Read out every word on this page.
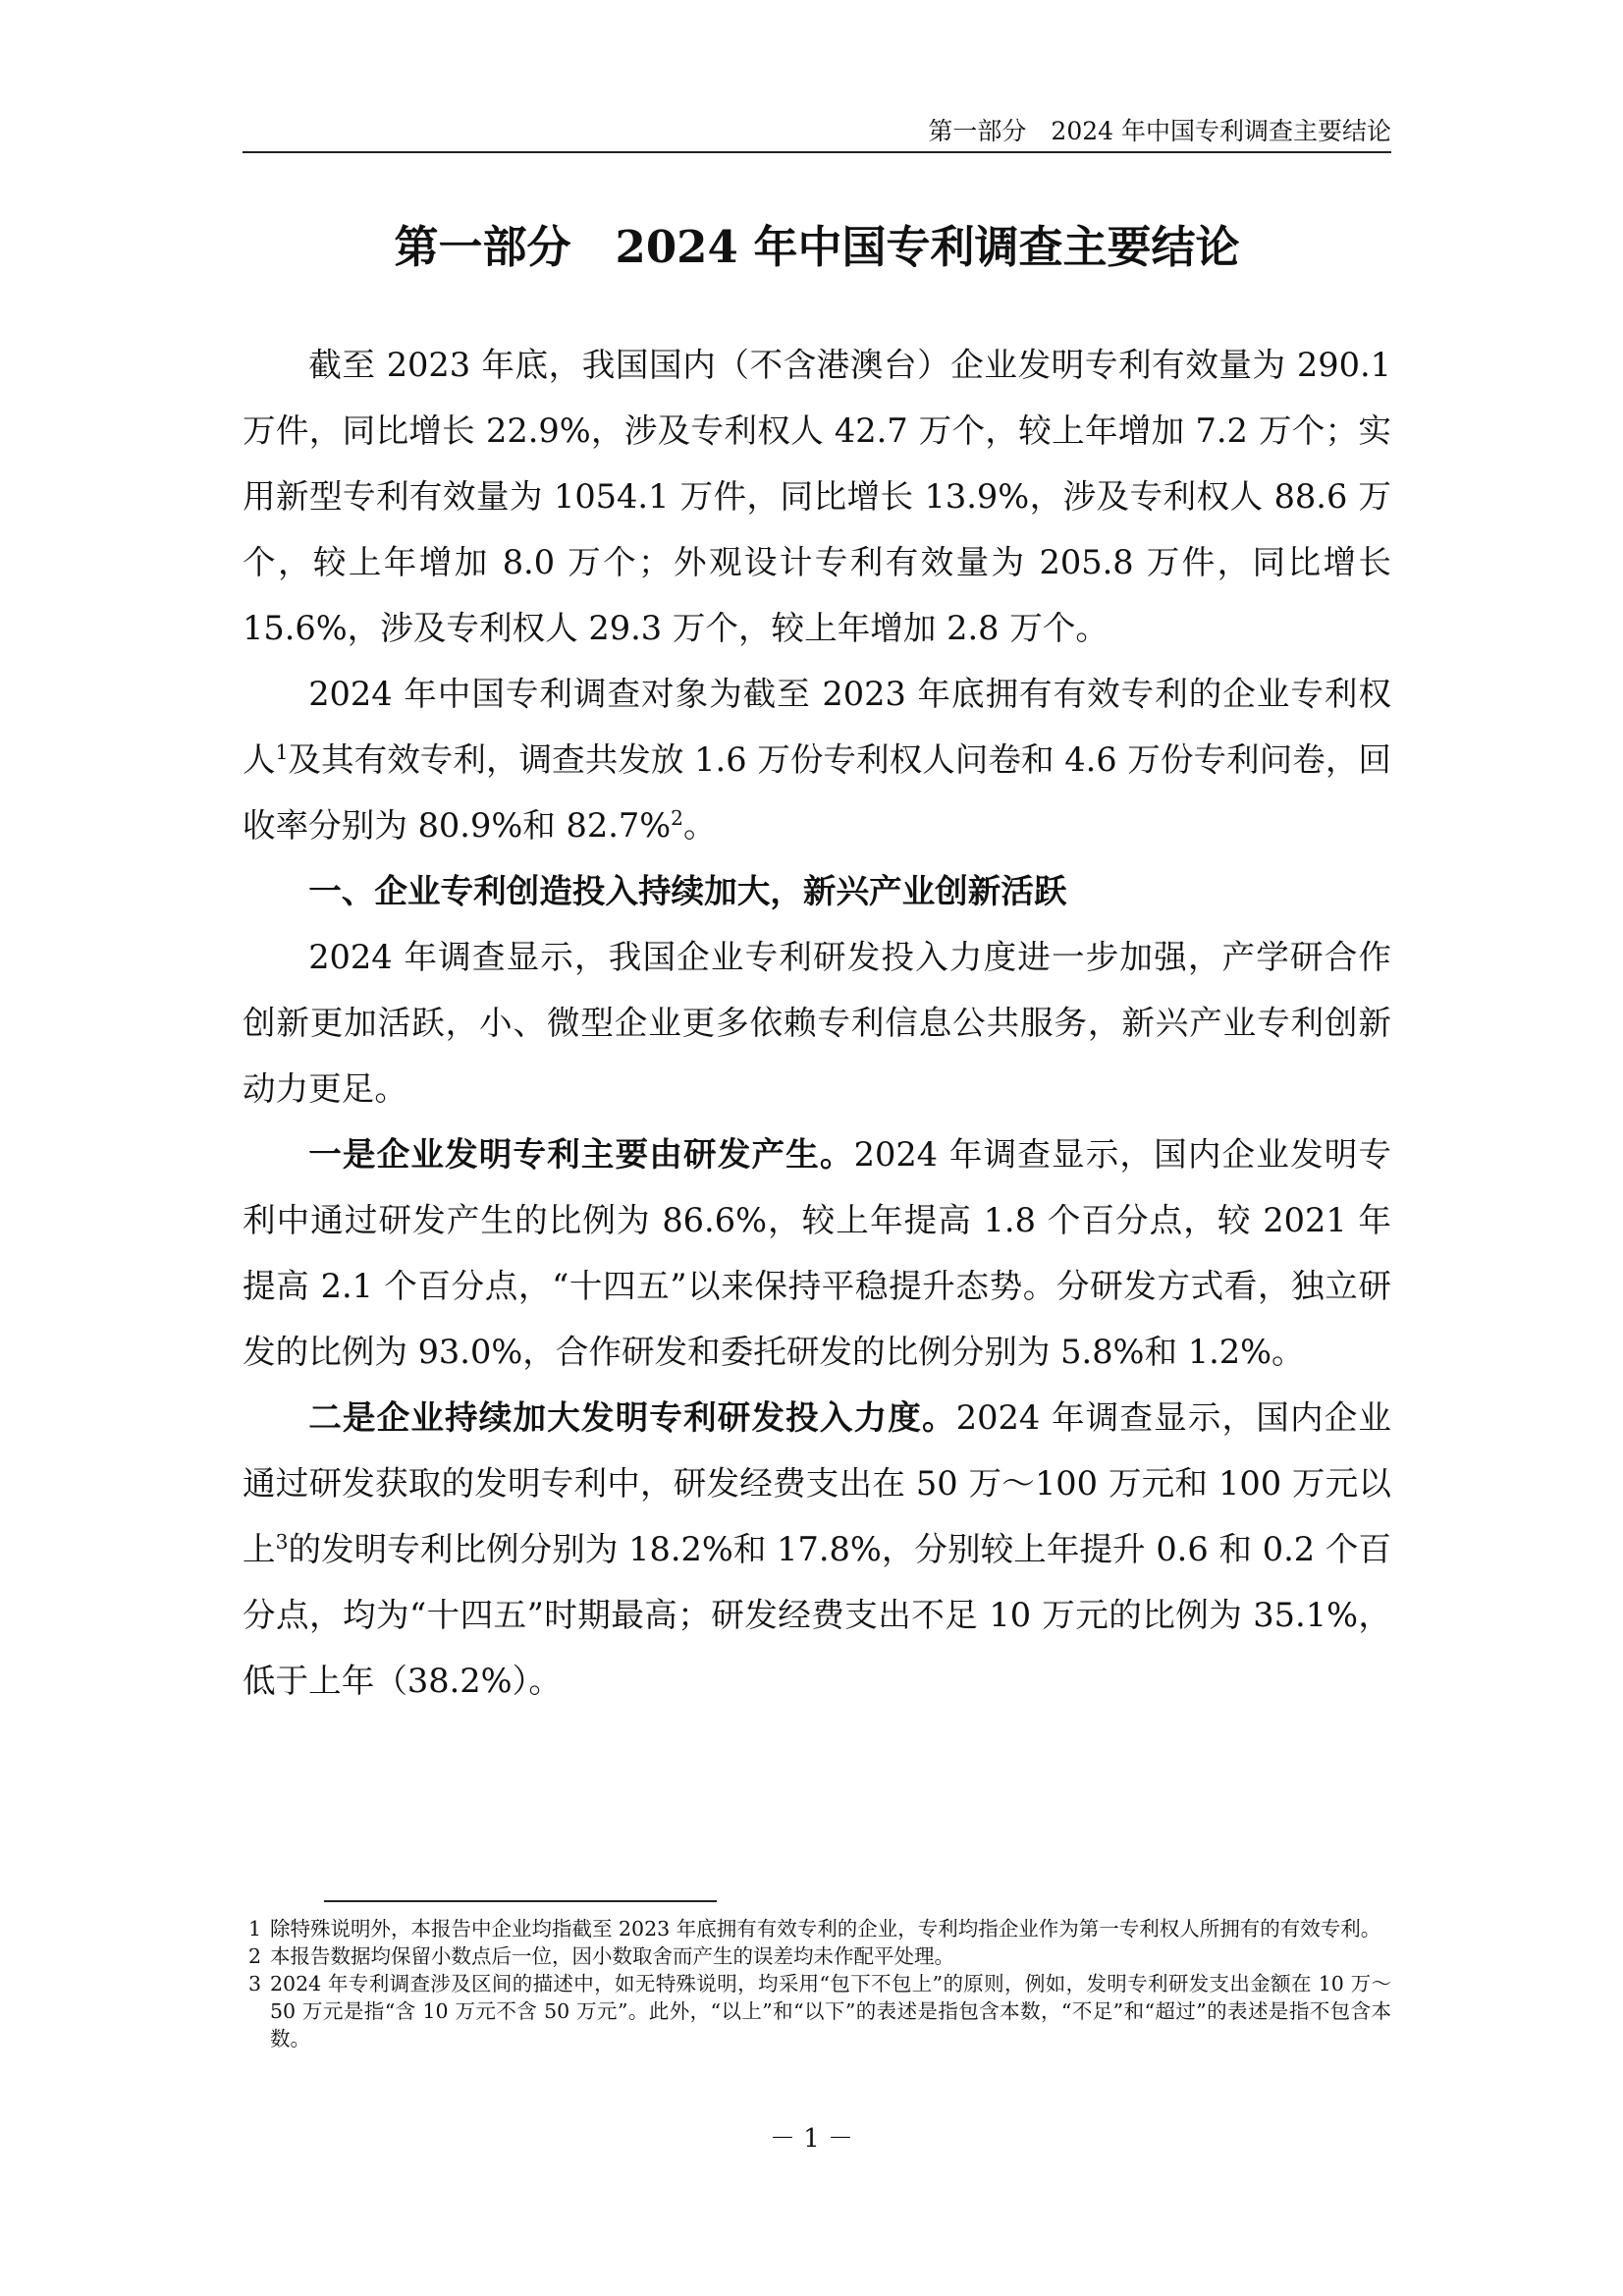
第一部分　2024 年中国专利调查主要结论
第一部分　2024 年中国专利调查主要结论

截至 2023 年底，我国国内（不含港澳台）企业发明专利有效量为 290.1 万件，同比增长 22.9%，涉及专利权人 42.7 万个，较上年增加 7.2 万个；实用新型专利有效量为 1054.1 万件，同比增长 13.9%，涉及专利权人 88.6 万个，较上年增加 8.0 万个；外观设计专利有效量为 205.8 万件，同比增长 15.6%，涉及专利权人 29.3 万个，较上年增加 2.8 万个。

2024 年中国专利调查对象为截至 2023 年底拥有有效专利的企业专利权人$^1$及其有效专利，调查共发放 1.6 万份专利权人问卷和 4.6 万份专利问卷，回收率分别为 80.9%和 82.7%$^2$。

一、企业专利创造投入持续加大，新兴产业创新活跃

2024 年调查显示，我国企业专利研发投入力度进一步加强，产学研合作创新更加活跃，小、微型企业更多依赖专利信息公共服务，新兴产业专利创新动力更足。

一是企业发明专利主要由研发产生。2024 年调查显示，国内企业发明专利中通过研发产生的比例为 86.6%，较上年提高 1.8 个百分点，较 2021 年提高 2.1 个百分点，“十四五”以来保持平稳提升态势。分研发方式看，独立研发的比例为 93.0%，合作研发和委托研发的比例分别为 5.8%和 1.2%。

二是企业持续加大发明专利研发投入力度。2024 年调查显示，国内企业通过研发获取的发明专利中，研发经费支出在 50 万～100 万元和 100 万元以上$^3$的发明专利比例分别为 18.2%和 17.8%，分别较上年提升 0.6 和 0.2 个百分点，均为“十四五”时期最高；研发经费支出不足 10 万元的比例为 35.1%，低于上年（38.2%）。

1 除特殊说明外，本报告中企业均指截至 2023 年底拥有有效专利的企业，专利均指企业作为第一专利权人所拥有的有效专利。
2 本报告数据均保留小数点后一位，因小数取舍而产生的误差均未作配平处理。
3 2024 年专利调查涉及区间的描述中，如无特殊说明，均采用“包下不包上”的原则，例如，发明专利研发支出金额在 10 万～50 万元是指“含 10 万元不含 50 万元”。此外，“以上”和“以下”的表述是指包含本数，“不足”和“超过”的表述是指不包含本数。
－ 1 －
